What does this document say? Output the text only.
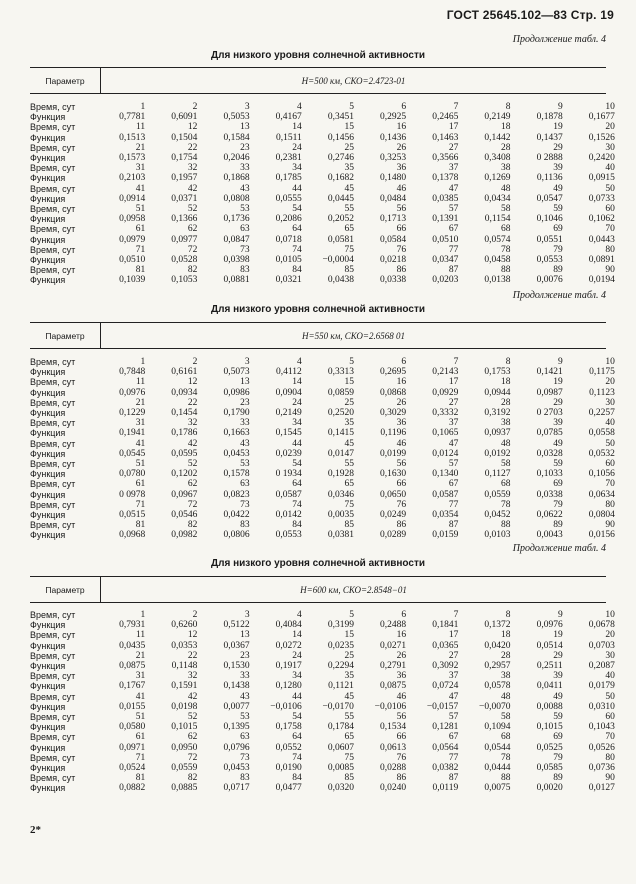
ГОСТ 25645.102—83 Стр. 19
Продолжение табл. 4
Для низкого уровня солнечной активности
Параметр	H=500 км, СКО=2.4723-01
Время, сут	1	2	3	4	5	6	7	8	9	10
Функция	0,7781	0,6091	0,5053	0,4167	0,3451	0,2925	0,2465	0,2149	0,1878	0,1677
Время, сут	11	12	13	14	15	16	17	18	19	20
Функция	0,1513	0,1504	0,1584	0,1511	0,1456	0,1436	0,1463	0,1442	0,1437	0,1526
Время, сут	21	22	23	24	25	26	27	28	29	30
Функция	0,1573	0,1754	0,2046	0,2381	0,2746	0,3253	0,3566	0,3408	0 2888	0,2420
Время, сут	31	32	33	34	35	36	37	38	39	40
Функция	0,2103	0,1957	0,1868	0,1785	0,1682	0,1480	0,1378	0,1269	0,1136	0,0915
Время, сут	41	42	43	44	45	46	47	48	49	50
Функция	0,0914	0,0371	0,0808	0,0555	0,0445	0,0484	0,0385	0,0434	0,0547	0,0733
Время, сут	51	52	53	54	55	56	57	58	59	60
Функция	0,0958	0,1366	0,1736	0,2086	0,2052	0,1713	0,1391	0,1154	0,1046	0,1062
Время, сут	61	62	63	64	65	66	67	68	69	70
Функция	0,0979	0,0977	0,0847	0,0718	0,0581	0,0584	0,0510	0,0574	0,0551	0,0443
Время, сут	71	72	73	74	75	76	77	78	79	80
Функция	0,0510	0,0528	0,0398	0,0105	−0,0004	0,0218	0,0347	0,0458	0,0553	0,0891
Время, сут	81	82	83	84	85	86	87	88	89	90
Функция	0,1039	0,1053	0,0881	0,0321	0,0438	0,0338	0,0203	0,0138	0,0076	0,0194
Продолжение табл. 4
Для низкого уровня солнечной активности
Параметр	H=550 км, СКО=2.6568 01
Время, сут	1	2	3	4	5	6	7	8	9	10
Функция	0,7848	0,6161	0,5073	0,4112	0,3313	0,2695	0,2143	0,1753	0,1421	0,1175
Время, сут	11	12	13	14	15	16	17	18	19	20
Функция	0,0976	0,0934	0,0986	0,0904	0,0859	0,0868	0,0929	0,0944	0,0987	0,1123
Время, сут	21	22	23	24	25	26	27	28	29	30
Функция	0,1229	0,1454	0,1790	0,2149	0,2520	0,3029	0,3332	0,3192	0 2703	0,2257
Время, сут	31	32	33	34	35	36	37	38	39	40
Функция	0,1941	0,1786	0,1663	0,1545	0,1415	0,1196	0,1065	0,0937	0,0785	0,0558
Время, сут	41	42	43	44	45	46	47	48	49	50
Функция	0,0545	0,0595	0,0453	0,0239	0,0147	0,0199	0,0124	0,0192	0,0328	0,0532
Время, сут	51	52	53	54	55	56	57	58	59	60
Функция	0,0780	0,1202	0,1578	0 1934	0,1928	0,1630	0,1340	0,1127	0,1033	0,1056
Время, сут	61	62	63	64	65	66	67	68	69	70
Функция	0 0978	0,0967	0,0823	0,0587	0,0346	0,0650	0,0587	0,0559	0,0338	0,0634
Время, сут	71	72	73	74	75	76	77	78	79	80
Функция	0,0515	0,0546	0,0422	0,0142	0,0035	0,0249	0,0354	0,0452	0,0622	0,0804
Время, сут	81	82	83	84	85	86	87	88	89	90
Функция	0,0968	0,0982	0,0806	0,0553	0,0381	0,0289	0,0159	0,0103	0,0043	0,0156
Продолжение табл. 4
Для низкого уровня солнечной активности
Параметр	H=600 км, СКО=2.8548−01
Время, сут	1	2	3	4	5	6	7	8	9	10
Функция	0,7931	0,6260	0,5122	0,4084	0,3199	0,2488	0,1841	0,1372	0,0976	0,0678
Время, сут	11	12	13	14	15	16	17	18	19	20
Функция	0,0435	0,0353	0,0367	0,0272	0,0235	0,0271	0,0365	0,0420	0,0514	0,0703
Время, сут	21	22	23	24	25	26	27	28	29	30
Функция	0,0875	0,1148	0,1530	0,1917	0,2294	0,2791	0,3092	0,2957	0,2511	0,2087
Время, сут	31	32	33	34	35	36	37	38	39	40
Функция	0,1767	0,1591	0,1438	0,1280	0,1121	0,0875	0,0724	0,0578	0,0411	0,0179
Время, сут	41	42	43	44	45	46	47	48	49	50
Функция	0,0155	0,0198	0,0077	−0,0106	−0,0170	−0,0106	−0,0157	−0,0070	0,0088	0,0310
Время, сут	51	52	53	54	55	56	57	58	59	60
Функция	0,0580	0,1015	0,1395	0,1758	0,1784	0,1534	0,1281	0,1094	0,1015	0,1043
Время, сут	61	62	63	64	65	66	67	68	69	70
Функция	0,0971	0,0950	0,0796	0,0552	0,0607	0,0613	0,0564	0,0544	0,0525	0,0526
Время, сут	71	72	73	74	75	76	77	78	79	80
Функция	0,0524	0,0559	0,0453	0,0190	0,0085	0,0288	0,0382	0,0444	0,0585	0,0736
Время, сут	81	82	83	84	85	86	87	88	89	90
Функция	0,0882	0,0885	0,0717	0,0477	0,0320	0,0240	0,0119	0,0075	0,0020	0,0127
2*
